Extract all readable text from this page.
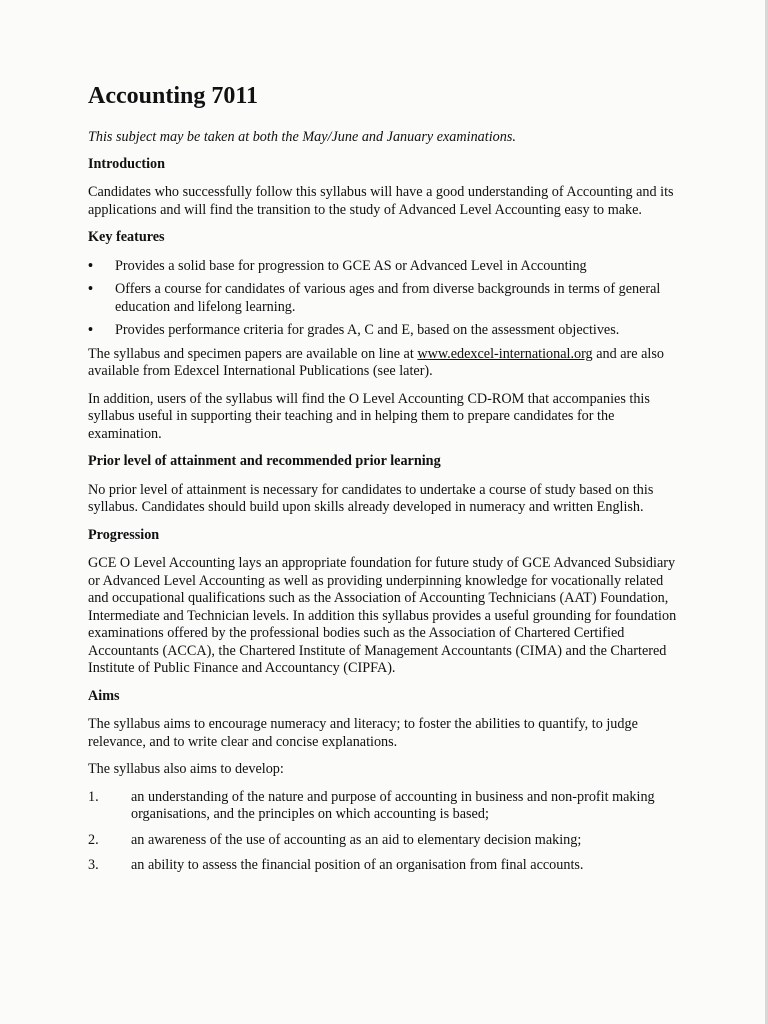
Accounting 7011

This subject may be taken at both the May/June and January examinations.

Introduction

Candidates who successfully follow this syllabus will have a good understanding of Accounting and its applications and will find the transition to the study of Advanced Level Accounting easy to make.

Key features
• Provides a solid base for progression to GCE AS or Advanced Level in Accounting
• Offers a course for candidates of various ages and from diverse backgrounds in terms of general education and lifelong learning.
• Provides performance criteria for grades A, C and E, based on the assessment objectives.

The syllabus and specimen papers are available on line at www.edexcel-international.org and are also available from Edexcel International Publications (see later).

In addition, users of the syllabus will find the O Level Accounting CD-ROM that accompanies this syllabus useful in supporting their teaching and in helping them to prepare candidates for the examination.

Prior level of attainment and recommended prior learning

No prior level of attainment is necessary for candidates to undertake a course of study based on this syllabus. Candidates should build upon skills already developed in numeracy and written English.

Progression

GCE O Level Accounting lays an appropriate foundation for future study of GCE Advanced Subsidiary or Advanced Level Accounting as well as providing underpinning knowledge for vocationally related and occupational qualifications such as the Association of Accounting Technicians (AAT) Foundation, Intermediate and Technician levels. In addition this syllabus provides a useful grounding for foundation examinations offered by the professional bodies such as the Association of Chartered Certified Accountants (ACCA), the Chartered Institute of Management Accountants (CIMA) and the Chartered Institute of Public Finance and Accountancy (CIPFA).

Aims

The syllabus aims to encourage numeracy and literacy; to foster the abilities to quantify, to judge relevance, and to write clear and concise explanations.

The syllabus also aims to develop:

1. an understanding of the nature and purpose of accounting in business and non-profit making organisations, and the principles on which accounting is based;
2. an awareness of the use of accounting as an aid to elementary decision making;
3. an ability to assess the financial position of an organisation from final accounts.
